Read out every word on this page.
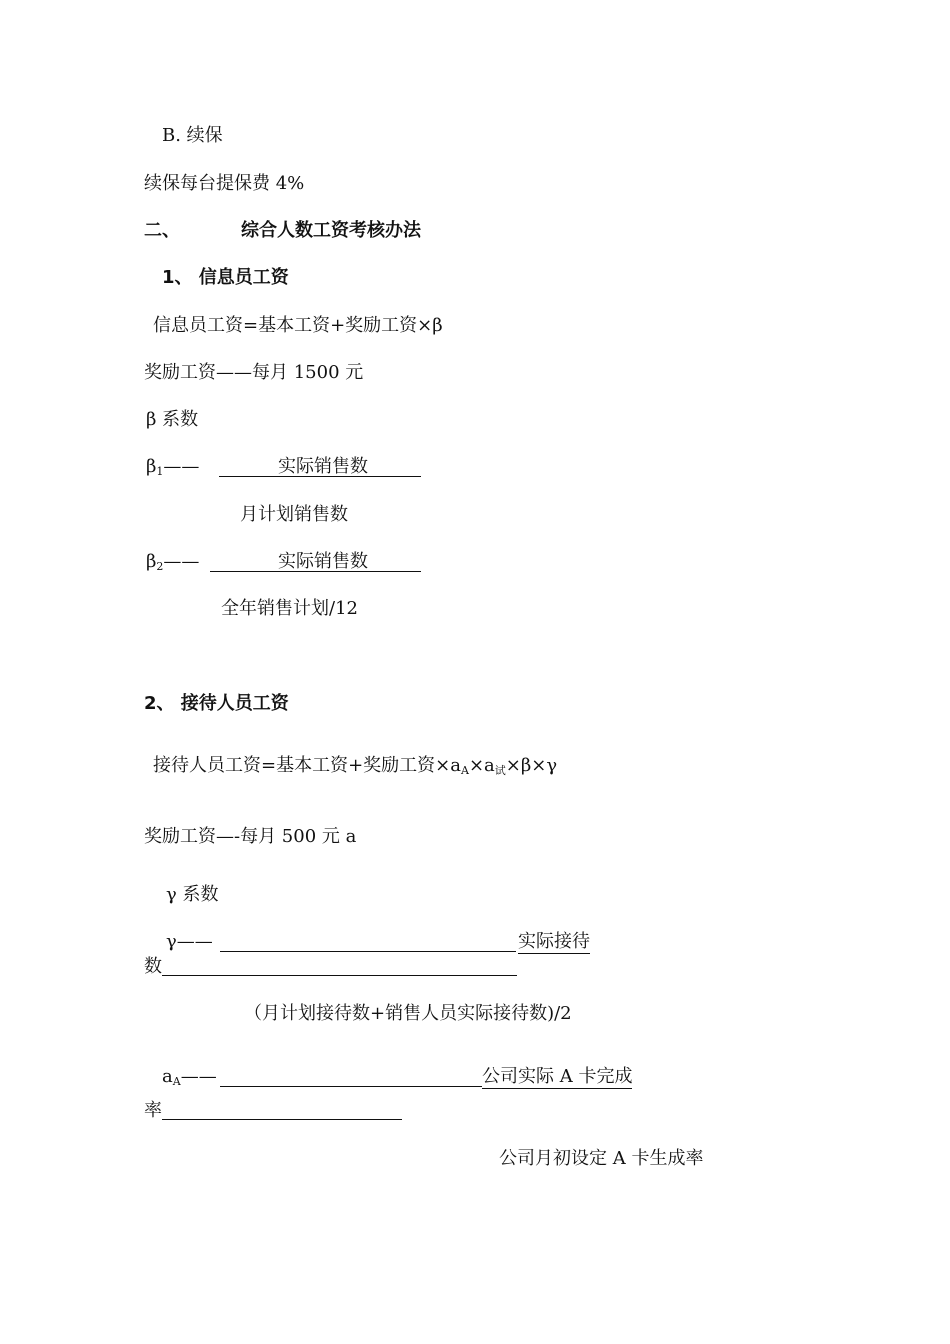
B. 续保
续保每台提保费 4%
二、	综合人数工资考核办法
1、 信息员工资
信息员工资=基本工资+奖励工资×β
奖励工资——每月 1500 元
β 系数
β1——	实际销售数
月计划销售数
β2——	实际销售数
全年销售计划/12
2、 接待人员工资
接待人员工资=基本工资+奖励工资×aA×a试×β×γ
奖励工资—-每月 500 元 a
γ 系数
γ——	实际接待
数
（月计划接待数+销售人员实际接待数)/2
aA——	公司实际 A 卡完成
率
公司月初设定 A 卡生成率
